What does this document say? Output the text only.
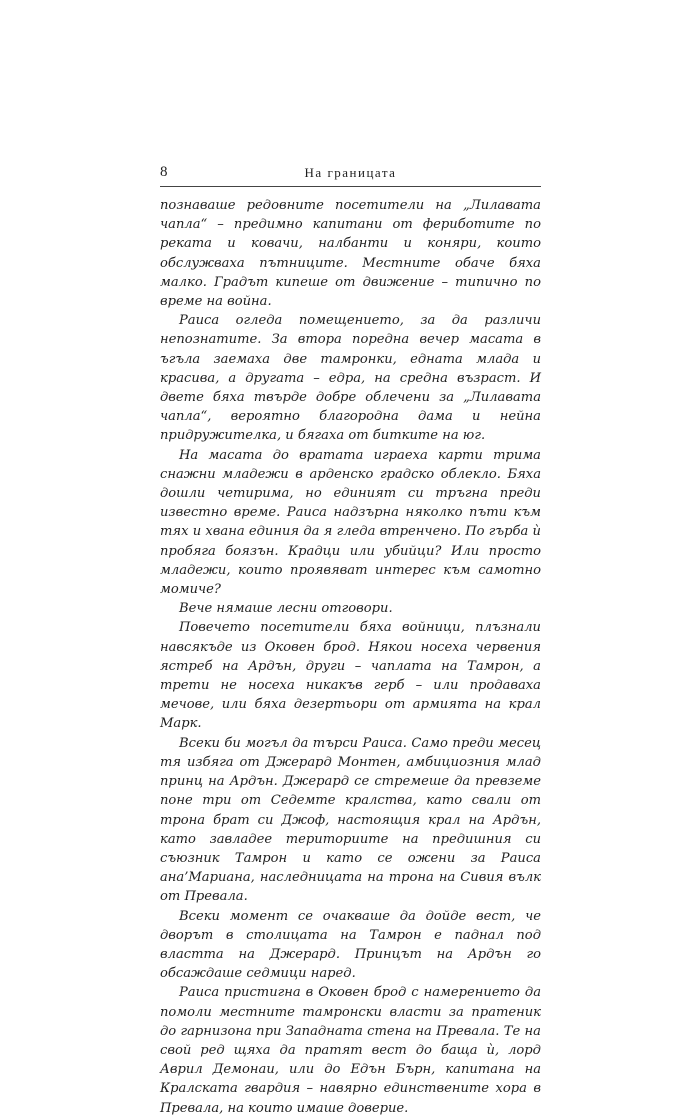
8	На границата

познаваше редовните посетители на „Лилавата чапла“ – предимно капитани от фериботите по реката и ковачи, налбанти и коняри, които обслужваха пътниците. Местните обаче бяха малко. Градът кипеше от движение – типично по време на война.

Раиса огледа помещението, за да различи непознатите. За втора поредна вечер масата в ъгъла заемаха две тамронки, едната млада и красива, а другата – едра, на средна възраст. И двете бяха твърде добре облечени за „Лилавата чапла“, вероятно благородна дама и нейна придружителка, и бягаха от битките на юг.

На масата до вратата играеха карти трима снажни младежи в арденско градско облекло. Бяха дошли четирима, но единият си тръгна преди известно време. Раиса надзърна няколко пъти към тях и хвана единия да я гледа втренчено. По гърба ѝ пробяга боязън. Крадци или убийци? Или просто младежи, които проявяват интерес към самотно момиче?

Вече нямаше лесни отговори.

Повечето посетители бяха войници, плъзнали навсякъде из Оковен брод. Някои носеха червения ястреб на Ардън, други – чаплата на Тамрон, а трети не носеха никакъв герб – или продаваха мечове, или бяха дезертьори от армията на крал Марк.

Всеки би могъл да търси Раиса. Само преди месец тя избяга от Джерард Монтен, амбициозния млад принц на Ардън. Джерард се стремеше да превземе поне три от Седемте кралства, като свали от трона брат си Джоф, настоящия крал на Ардън, като завладее териториите на предишния си съюзник Тамрон и като се ожени за Раиса ана’Мариана, наследницата на трона на Сивия вълк от Превала.

Всеки момент се очакваше да дойде вест, че дворът в столицата на Тамрон е паднал под властта на Джерард. Принцът на Ардън го обсаждаше седмици наред.

Раиса пристигна в Оковен брод с намерението да помоли местните тамронски власти за пратеник до гарнизона при Западната стена на Превала. Те на свой ред щяха да пратят вест до баща ѝ, лорд Аврил Демонаи, или до Едън Бърн, капитана на Кралската гвардия – навярно единствените хора в Превала, на които имаше доверие.
